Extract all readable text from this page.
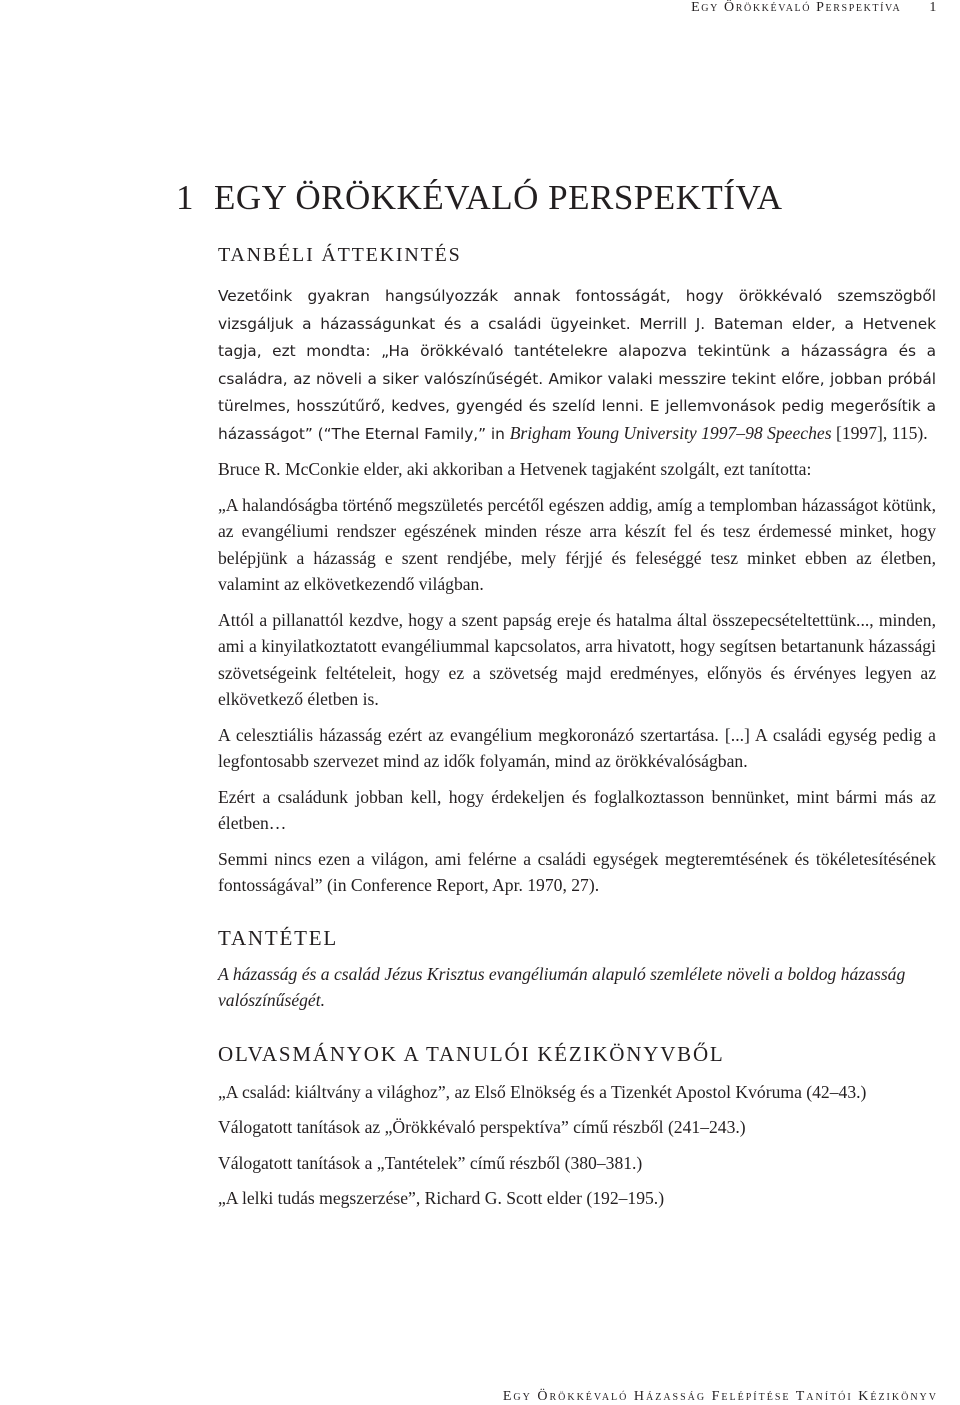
Egy Örökkévaló Perspektíva 1
1 EGY ÖRÖKKÉVALÓ PERSPEKTÍVA
TANBÉLI ÁTTEKINTÉS

Vezetőink gyakran hangsúlyozzák annak fontosságát, hogy örökkévaló szemszögből vizsgáljuk a házasságunkat és a családi ügyeinket. Merrill J. Bateman elder, a Hetvenek tagja, ezt mondta: „Ha örökkévaló tantételekre alapozva tekintünk a házasságra és a családra, az növeli a siker valószínűségét. Amikor valaki messzire tekint előre, jobban próbál türelmes, hosszútűrő, kedves, gyengéd és szelíd lenni. E jellemvonások pedig megerősítik a házasságot” (“The Eternal Family,” in Brigham Young University 1997–98 Speeches [1997], 115).

Bruce R. McConkie elder, aki akkoriban a Hetvenek tagjaként szolgált, ezt tanította:

„A halandóságba történő megszületés percétől egészen addig, amíg a templomban házasságot kötünk, az evangéliumi rendszer egészének minden része arra készít fel és tesz érdemessé minket, hogy belépjünk a házasság e szent rendjébe, mely férjjé és feleséggé tesz minket ebben az életben, valamint az elkövetkezendő világban.

Attól a pillanattól kezdve, hogy a szent papság ereje és hatalma által összepecsételtettünk..., minden, ami a kinyilatkoztatott evangéliummal kapcsolatos, arra hivatott, hogy segítsen betartanunk házassági szövetségeink feltételeit, hogy ez a szövetség majd eredményes, előnyös és érvényes legyen az elkövetkező életben is.

A celesztiális házasság ezért az evangélium megkoronázó szertartása. [...] A családi egység pedig a legfontosabb szervezet mind az idők folyamán, mind az örökkévalóságban.

Ezért a családunk jobban kell, hogy érdekeljen és foglalkoztasson bennünket, mint bármi más az életben…

Semmi nincs ezen a világon, ami felérne a családi egységek megteremtésének és tökéletesítésének fontosságával” (in Conference Report, Apr. 1970, 27).

TANTÉTEL

A házasság és a család Jézus Krisztus evangéliumán alapuló szemlélete növeli a boldog házasság valószínűségét.

OLVASMÁNYOK A TANULÓI KÉZIKÖNYVBŐL
„A család: kiáltvány a világhoz”, az Első Elnökség és a Tizenkét Apostol Kvóruma (42–43.)
Válogatott tanítások az „Örökkévaló perspektíva” című részből (241–243.)
Válogatott tanítások a „Tantételek” című részből (380–381.)
„A lelki tudás megszerzése”, Richard G. Scott elder (192–195.)
Egy Örökkévaló Házasság Felépítése Tanítói Kézikönyv
